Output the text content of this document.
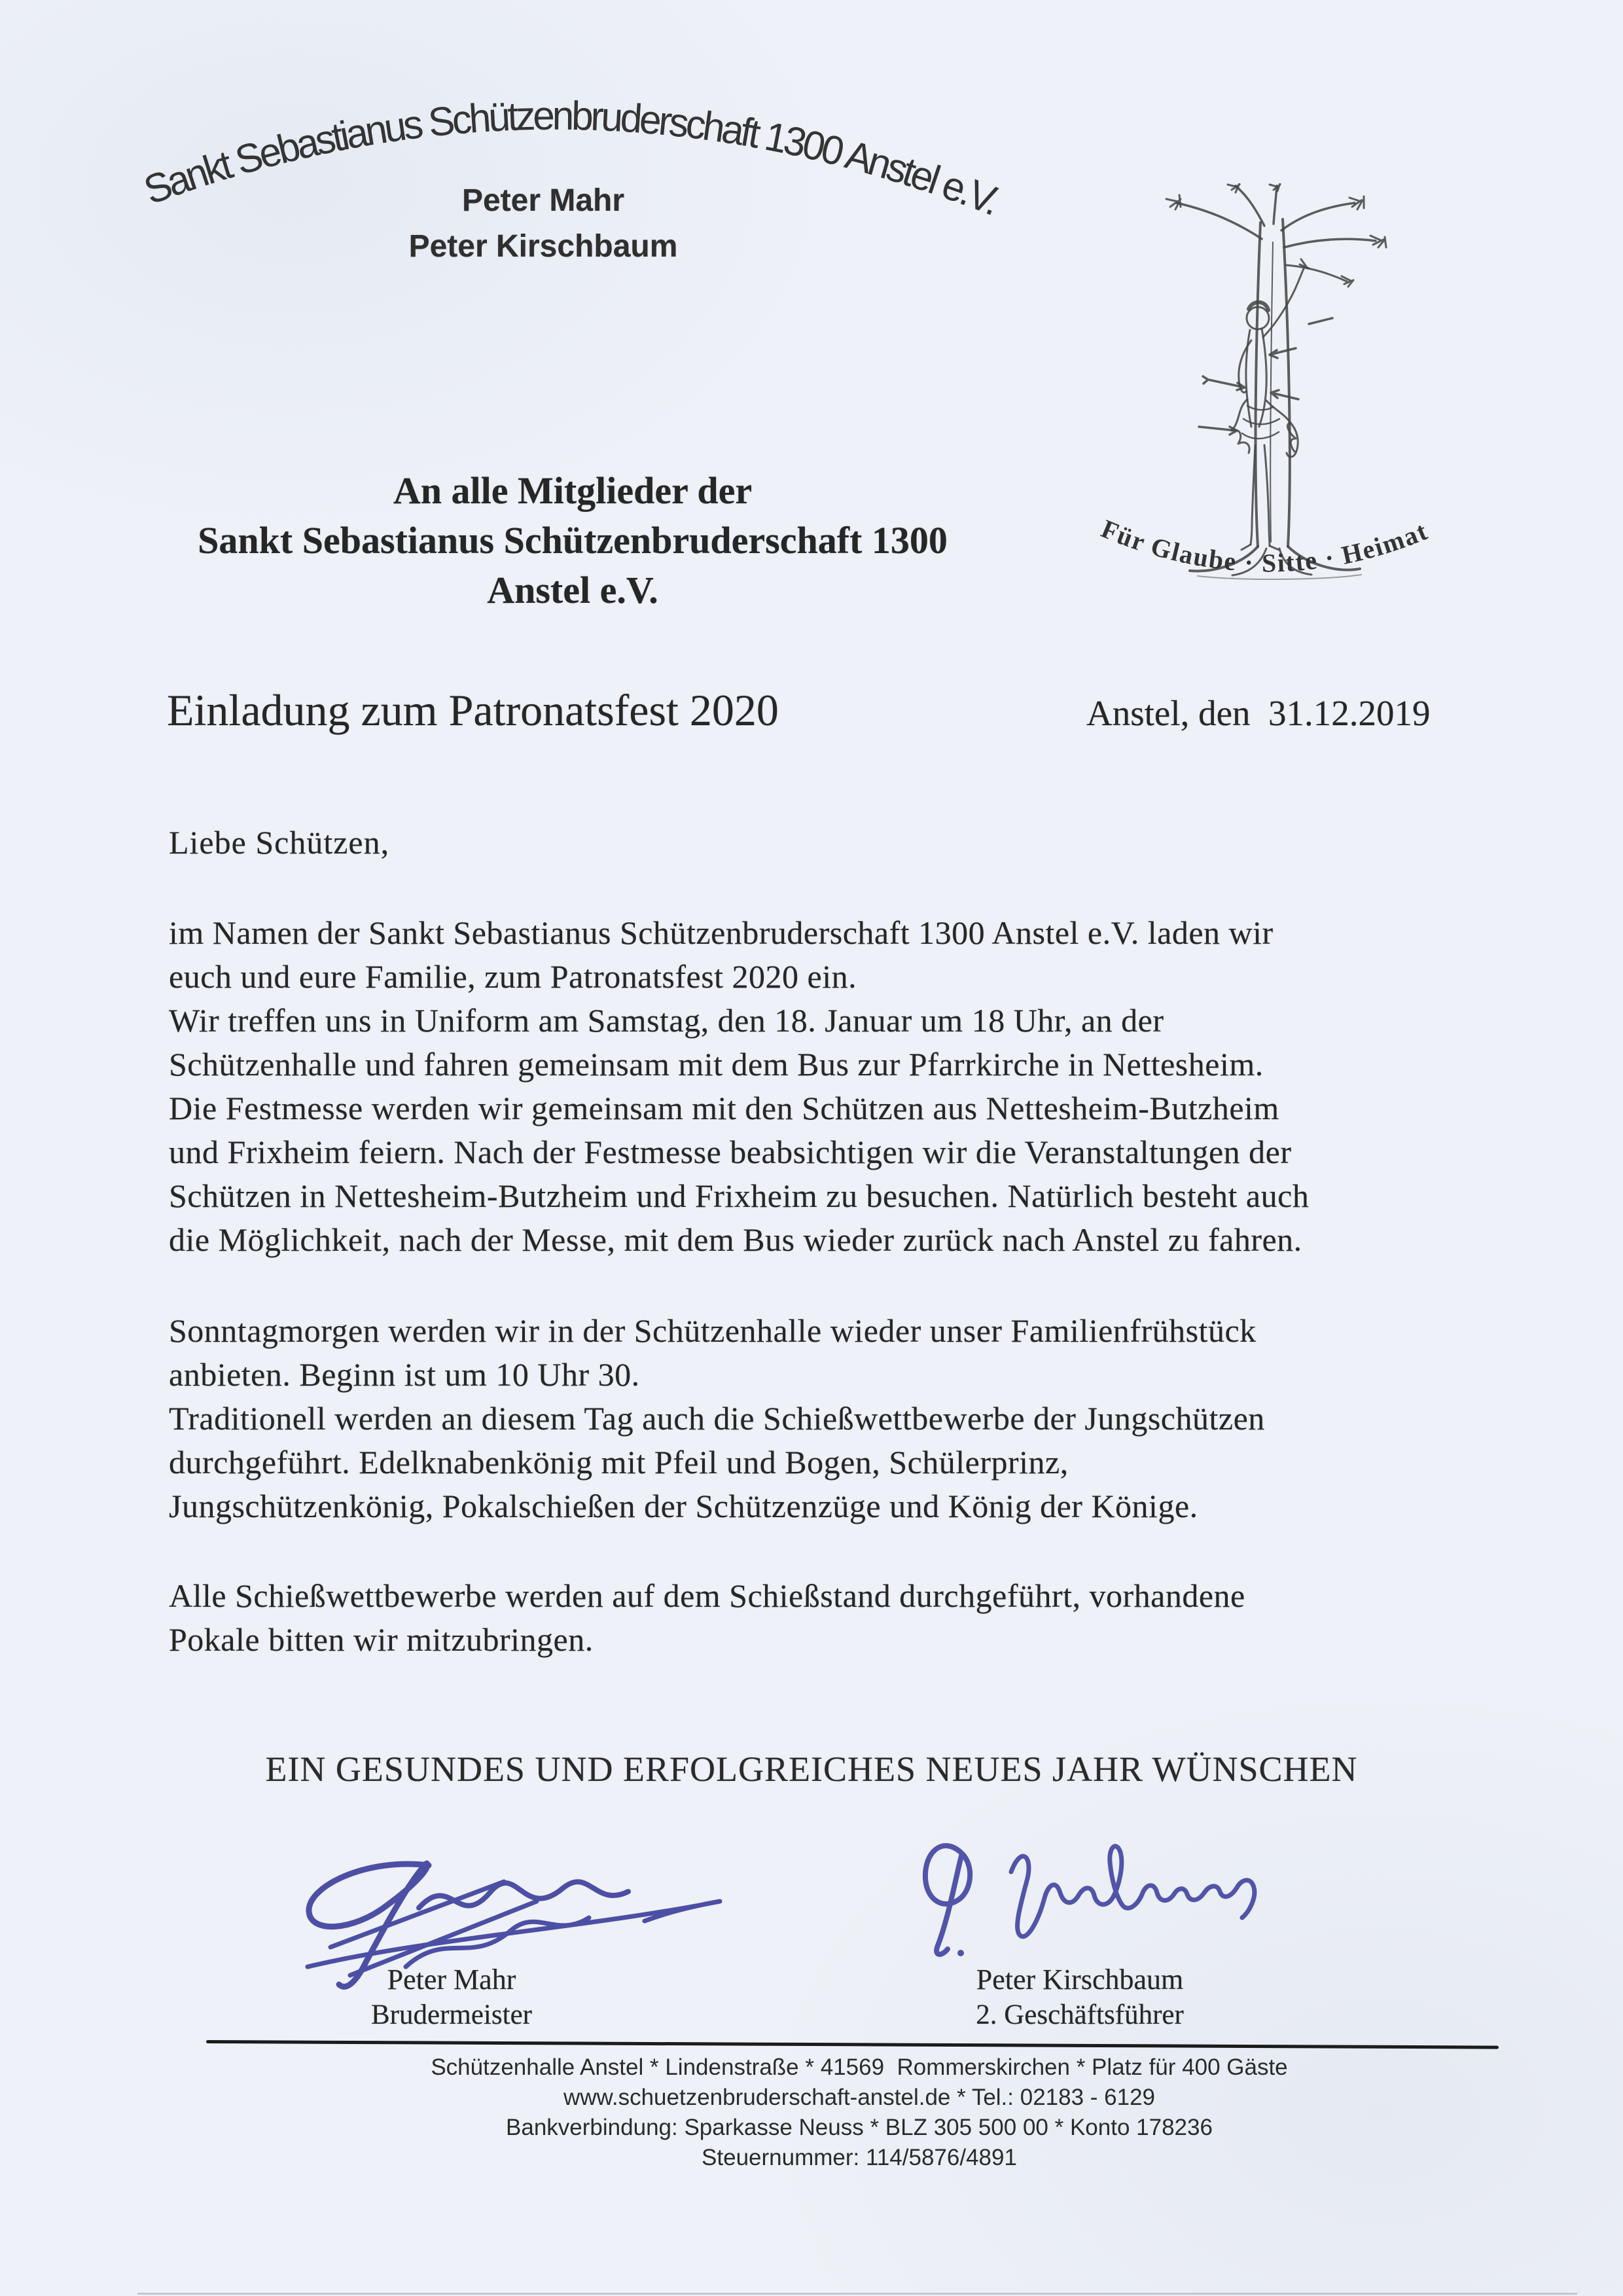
Sankt Sebastianus Schützenbruderschaft 1300 Anstel e.V.
Peter Mahr
Peter Kirschbaum
Für Glaube · Sitte · Heimat
An alle Mitglieder der
Sankt Sebastianus Schützenbruderschaft 1300
Anstel e.V.
Einladung zum Patronatsfest 2020	Anstel, den  31.12.2019
Liebe Schützen,
im Namen der Sankt Sebastianus Schützenbruderschaft 1300 Anstel e.V. laden wir
euch und eure Familie, zum Patronatsfest 2020 ein.
Wir treffen uns in Uniform am Samstag, den 18. Januar um 18 Uhr, an der
Schützenhalle und fahren gemeinsam mit dem Bus zur Pfarrkirche in Nettesheim.
Die Festmesse werden wir gemeinsam mit den Schützen aus Nettesheim-Butzheim
und Frixheim feiern. Nach der Festmesse beabsichtigen wir die Veranstaltungen der
Schützen in Nettesheim-Butzheim und Frixheim zu besuchen. Natürlich besteht auch
die Möglichkeit, nach der Messe, mit dem Bus wieder zurück nach Anstel zu fahren.
Sonntagmorgen werden wir in der Schützenhalle wieder unser Familienfrühstück
anbieten. Beginn ist um 10 Uhr 30.
Traditionell werden an diesem Tag auch die Schießwettbewerbe der Jungschützen
durchgeführt. Edelknabenkönig mit Pfeil und Bogen, Schülerprinz,
Jungschützenkönig, Pokalschießen der Schützenzüge und König der Könige.
Alle Schießwettbewerbe werden auf dem Schießstand durchgeführt, vorhandene
Pokale bitten wir mitzubringen.
EIN GESUNDES UND ERFOLGREICHES NEUES JAHR WÜNSCHEN
Peter Mahr
Brudermeister
Peter Kirschbaum
2. Geschäftsführer
Schützenhalle Anstel * Lindenstraße * 41569  Rommerskirchen * Platz für 400 Gäste
www.schuetzenbruderschaft-anstel.de * Tel.: 02183 - 6129
Bankverbindung: Sparkasse Neuss * BLZ 305 500 00 * Konto 178236
Steuernummer: 114/5876/4891
